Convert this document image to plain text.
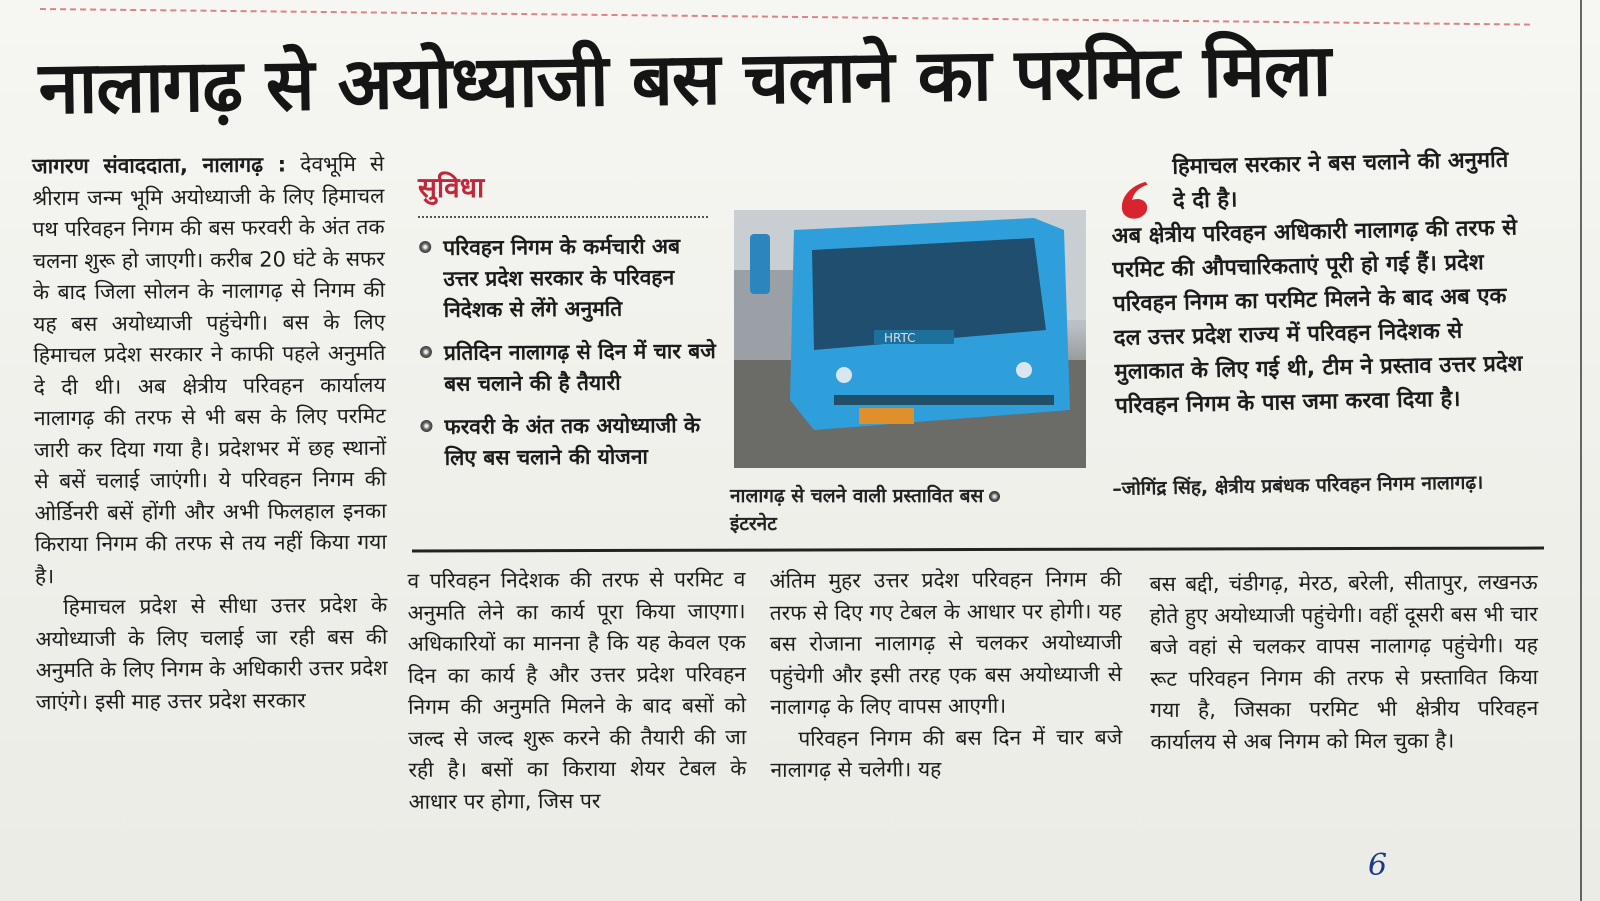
नालागढ़ से अयोध्याजी बस चलाने का परमिट मिला

जागरण संवाददाता, नालागढ़ : देवभूमि से श्रीराम जन्म भूमि अयोध्याजी के लिए हिमाचल पथ परिवहन निगम की बस फरवरी के अंत तक चलना शुरू हो जाएगी। करीब 20 घंटे के सफर के बाद जिला सोलन के नालागढ़ से निगम की यह बस अयोध्याजी पहुंचेगी। बस के लिए हिमाचल प्रदेश सरकार ने काफी पहले अनुमति दे दी थी। अब क्षेत्रीय परिवहन कार्यालय नालागढ़ की तरफ से भी बस के लिए परमिट जारी कर दिया गया है। प्रदेशभर में छह स्थानों से बसें चलाई जाएंगी। ये परिवहन निगम की ओर्डिनरी बसें होंगी और अभी फिलहाल इनका किराया निगम की तरफ से तय नहीं किया गया है।

हिमाचल प्रदेश से सीधा उत्तर प्रदेश के अयोध्याजी के लिए चलाई जा रही बस की अनुमति के लिए निगम के अधिकारी उत्तर प्रदेश जाएंगे। इसी माह उत्तर प्रदेश सरकार

सुविधा
परिवहन निगम के कर्मचारी अब उत्तर प्रदेश सरकार के परिवहन निदेशक से लेंगे अनुमति
प्रतिदिन नालागढ़ से दिन में चार बजे बस चलाने की है तैयारी
फरवरी के अंत तक अयोध्याजी के लिए बस चलाने की योजना
HRTC
नालागढ़ से चलने वाली प्रस्तावित बस
इंटरनेट
हिमाचल सरकार ने बस चलाने की अनुमति दे दी है।
अब क्षेत्रीय परिवहन अधिकारी नालागढ़ की तरफ से परमिट की औपचारिकताएं पूरी हो गई हैं। प्रदेश परिवहन निगम का परमिट मिलने के बाद अब एक दल उत्तर प्रदेश राज्य में परिवहन निदेशक से मुलाकात के लिए गई थी, टीम ने प्रस्ताव उत्तर प्रदेश परिवहन निगम के पास जमा करवा दिया है।
–जोगिंद्र सिंह, क्षेत्रीय प्रबंधक परिवहन निगम नालागढ़।

व परिवहन निदेशक की तरफ से परमिट व अनुमति लेने का कार्य पूरा किया जाएगा। अधिकारियों का मानना है कि यह केवल एक दिन का कार्य है और उत्तर प्रदेश परिवहन निगम की अनुमति मिलने के बाद बसों को जल्द से जल्द शुरू करने की तैयारी की जा रही है। बसों का किराया शेयर टेबल के आधार पर होगा, जिस पर

अंतिम मुहर उत्तर प्रदेश परिवहन निगम की तरफ से दिए गए टेबल के आधार पर होगी। यह बस रोजाना नालागढ़ से चलकर अयोध्याजी पहुंचेगी और इसी तरह एक बस अयोध्याजी से नालागढ़ के लिए वापस आएगी।

परिवहन निगम की बस दिन में चार बजे नालागढ़ से चलेगी। यह

बस बद्दी, चंडीगढ़, मेरठ, बरेली, सीतापुर, लखनऊ होते हुए अयोध्याजी पहुंचेगी। वहीं दूसरी बस भी चार बजे वहां से चलकर वापस नालागढ़ पहुंचेगी। यह रूट परिवहन निगम की तरफ से प्रस्तावित किया गया है, जिसका परमिट भी क्षेत्रीय परिवहन कार्यालय से अब निगम को मिल चुका है।

6
